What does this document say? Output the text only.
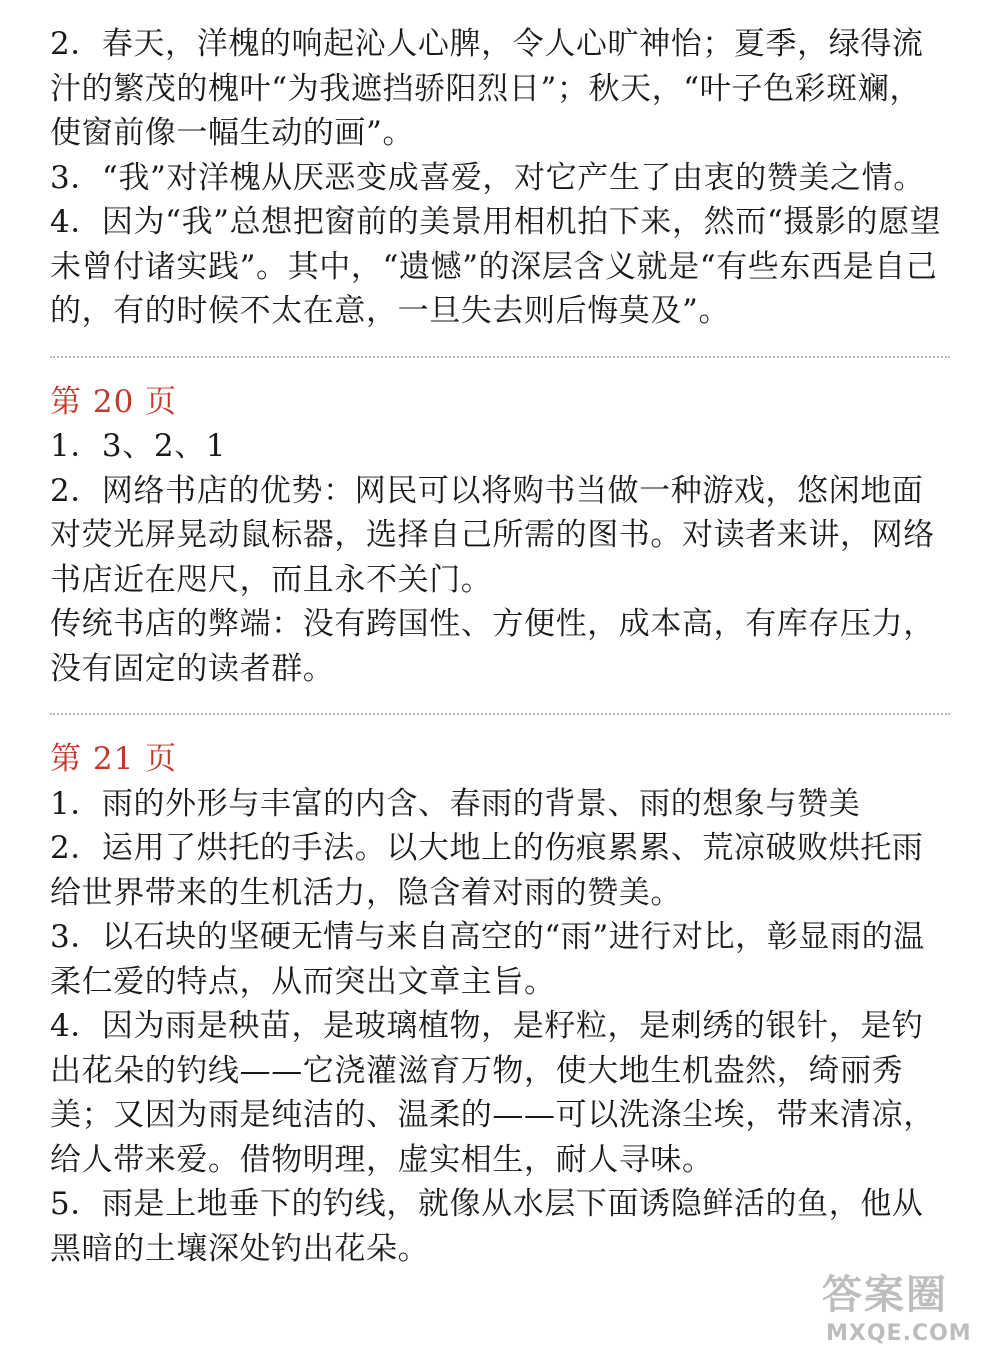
2．春天，洋槐的响起沁人心脾，令人心旷神怡；夏季，绿得流汁的繁茂的槐叶“为我遮挡骄阳烈日”；秋天，“叶子色彩斑斓，使窗前像一幅生动的画”。

3．“我”对洋槐从厌恶变成喜爱，对它产生了由衷的赞美之情。

4．因为“我”总想把窗前的美景用相机拍下来，然而“摄影的愿望未曾付诸实践”。其中，“遗憾”的深层含义就是“有些东西是自己的，有的时候不太在意，一旦失去则后悔莫及”。

第 20 页

1．3、2、1

2．网络书店的优势：网民可以将购书当做一种游戏，悠闲地面对荧光屏晃动鼠标器，选择自己所需的图书。对读者来讲，网络书店近在咫尺，而且永不关门。

传统书店的弊端：没有跨国性、方便性，成本高，有库存压力，没有固定的读者群。

第 21 页

1．雨的外形与丰富的内含、春雨的背景、雨的想象与赞美

2．运用了烘托的手法。以大地上的伤痕累累、荒凉破败烘托雨给世界带来的生机活力，隐含着对雨的赞美。

3．以石块的坚硬无情与来自高空的“雨”进行对比，彰显雨的温柔仁爱的特点，从而突出文章主旨。

4．因为雨是秧苗，是玻璃植物，是籽粒，是刺绣的银针，是钓出花朵的钓线——它浇灌滋育万物，使大地生机盎然，绮丽秀美；又因为雨是纯洁的、温柔的——可以洗涤尘埃，带来清凉，给人带来爱。借物明理，虚实相生，耐人寻味。

5．雨是上地垂下的钓线，就像从水层下面诱隐鲜活的鱼，他从黑暗的土壤深处钓出花朵。

答案圈
MXQE.COM
